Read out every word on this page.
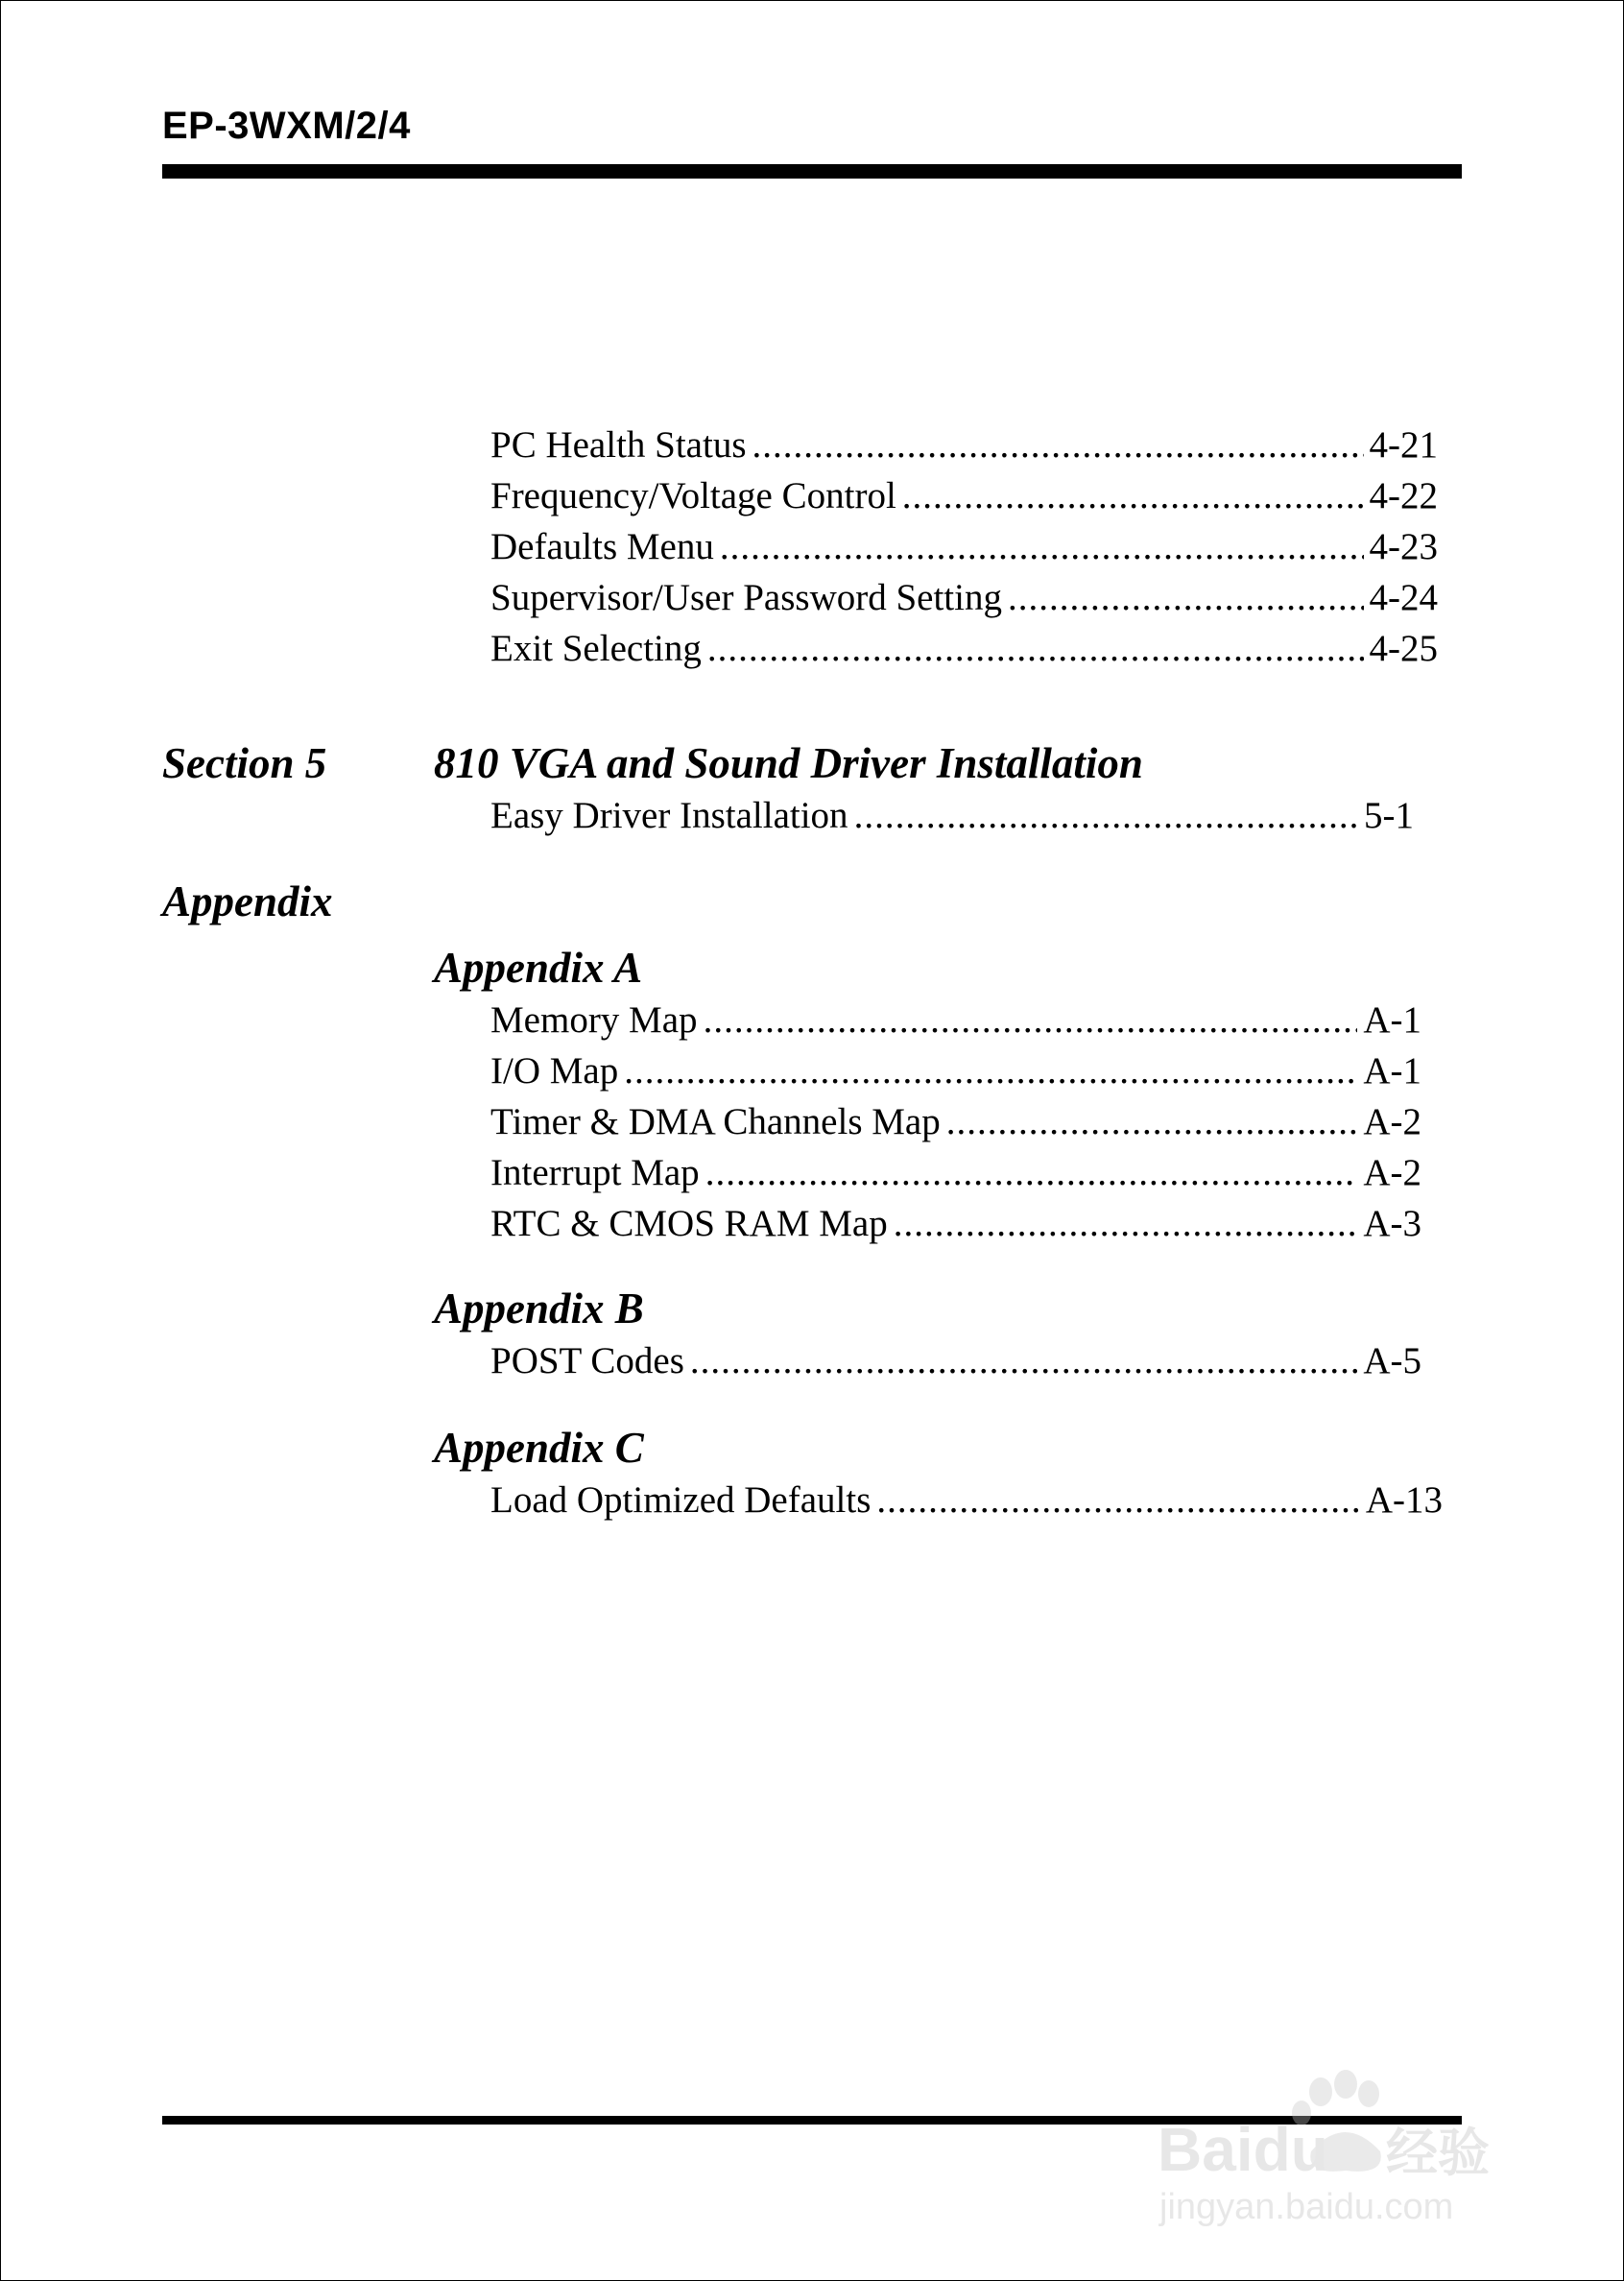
EP-3WXM/2/4
PC Health Status .....	4-21
Frequency/Voltage Control .....	4-22
Defaults Menu .....	4-23
Supervisor/User Password Setting .....	4-24
Exit Selecting .....	4-25
Section 5 810 VGA and Sound Driver Installation
Easy Driver Installation .....	5-1
Appendix
Appendix A
Memory Map .....	A-1
I/O Map .....	A-1
Timer & DMA Channels Map .....	A-2
Interrupt Map .....	A-2
RTC & CMOS RAM Map .....	A-3
Appendix B
POST Codes .....	A-5
Appendix C
Load Optimized Defaults .....	A-13
Baidu 经验
jingyan.baidu.com
